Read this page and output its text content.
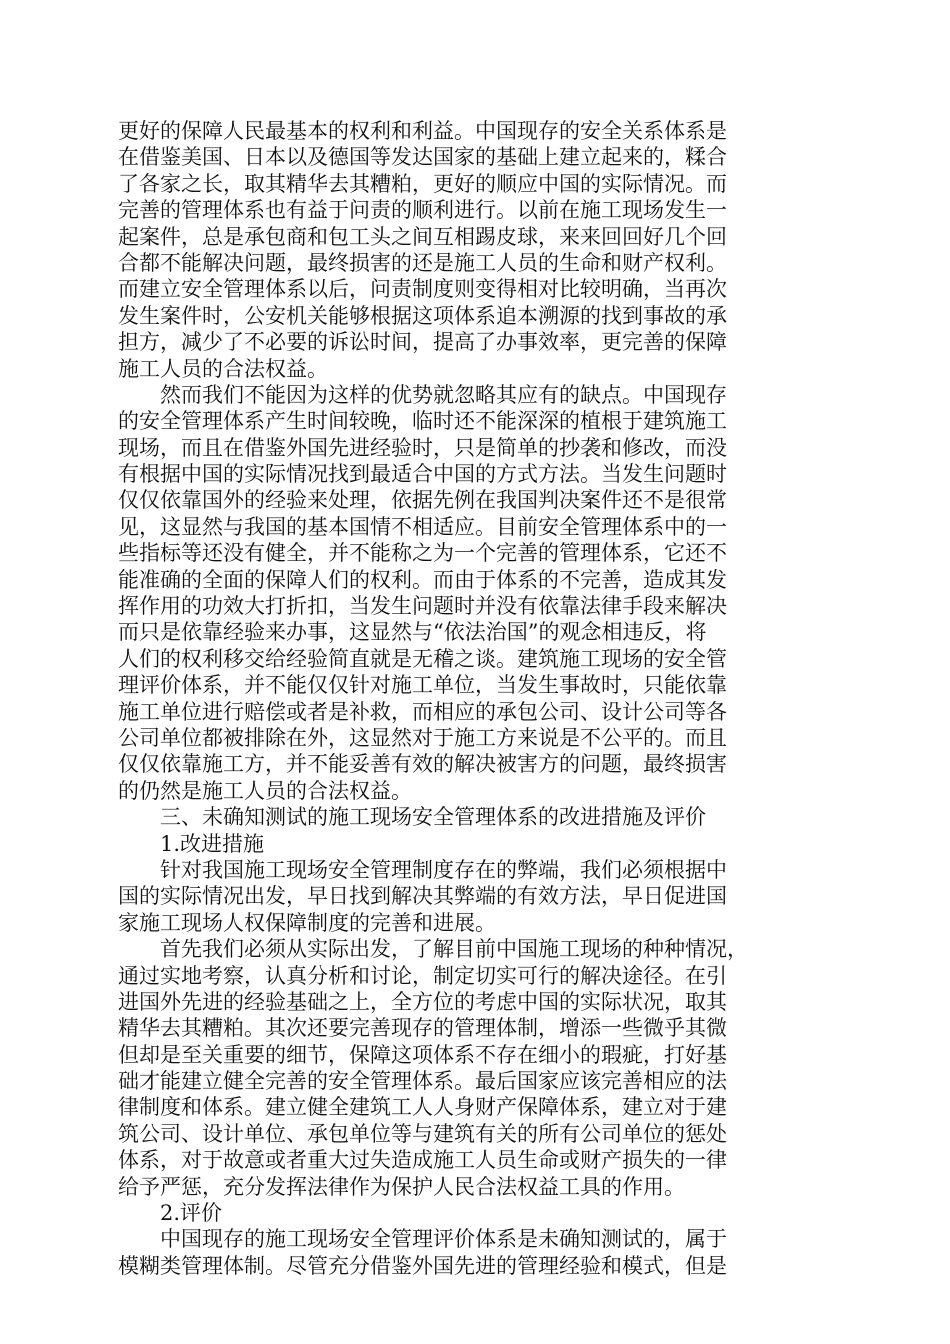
更好的保障人民最基本的权利和利益。中国现存的安全关系体系是
在借鉴美国、日本以及德国等发达国家的基础上建立起来的，糅合
了各家之长，取其精华去其糟粕，更好的顺应中国的实际情况。而
完善的管理体系也有益于问责的顺利进行。以前在施工现场发生一
起案件，总是承包商和包工头之间互相踢皮球，来来回回好几个回
合都不能解决问题，最终损害的还是施工人员的生命和财产权利。
而建立安全管理体系以后，问责制度则变得相对比较明确，当再次
发生案件时，公安机关能够根据这项体系追本溯源的找到事故的承
担方，减少了不必要的诉讼时间，提高了办事效率，更完善的保障
施工人员的合法权益。
然而我们不能因为这样的优势就忽略其应有的缺点。中国现存
的安全管理体系产生时间较晚，临时还不能深深的植根于建筑施工
现场，而且在借鉴外国先进经验时，只是简单的抄袭和修改，而没
有根据中国的实际情况找到最适合中国的方式方法。当发生问题时
仅仅依靠国外的经验来处理，依据先例在我国判决案件还不是很常
见，这显然与我国的基本国情不相适应。目前安全管理体系中的一
些指标等还没有健全，并不能称之为一个完善的管理体系，它还不
能准确的全面的保障人们的权利。而由于体系的不完善，造成其发
挥作用的功效大打折扣，当发生问题时并没有依靠法律手段来解决
而只是依靠经验来办事，这显然与“依法治国”的观念相违反，将
人们的权利移交给经验简直就是无稽之谈。建筑施工现场的安全管
理评价体系，并不能仅仅针对施工单位，当发生事故时，只能依靠
施工单位进行赔偿或者是补救，而相应的承包公司、设计公司等各
公司单位都被排除在外，这显然对于施工方来说是不公平的。而且
仅仅依靠施工方，并不能妥善有效的解决被害方的问题，最终损害
的仍然是施工人员的合法权益。
三、未确知测试的施工现场安全管理体系的改进措施及评价
1.改进措施
针对我国施工现场安全管理制度存在的弊端，我们必须根据中
国的实际情况出发，早日找到解决其弊端的有效方法，早日促进国
家施工现场人权保障制度的完善和进展。
首先我们必须从实际出发，了解目前中国施工现场的种种情况，
通过实地考察，认真分析和讨论，制定切实可行的解决途径。在引
进国外先进的经验基础之上，全方位的考虑中国的实际状况，取其
精华去其糟粕。其次还要完善现存的管理体制，增添一些微乎其微
但却是至关重要的细节，保障这项体系不存在细小的瑕疵，打好基
础才能建立健全完善的安全管理体系。最后国家应该完善相应的法
律制度和体系。建立健全建筑工人人身财产保障体系，建立对于建
筑公司、设计单位、承包单位等与建筑有关的所有公司单位的惩处
体系，对于故意或者重大过失造成施工人员生命或财产损失的一律
给予严惩，充分发挥法律作为保护人民合法权益工具的作用。
2.评价
中国现存的施工现场安全管理评价体系是未确知测试的，属于
模糊类管理体制。尽管充分借鉴外国先进的管理经验和模式，但是
